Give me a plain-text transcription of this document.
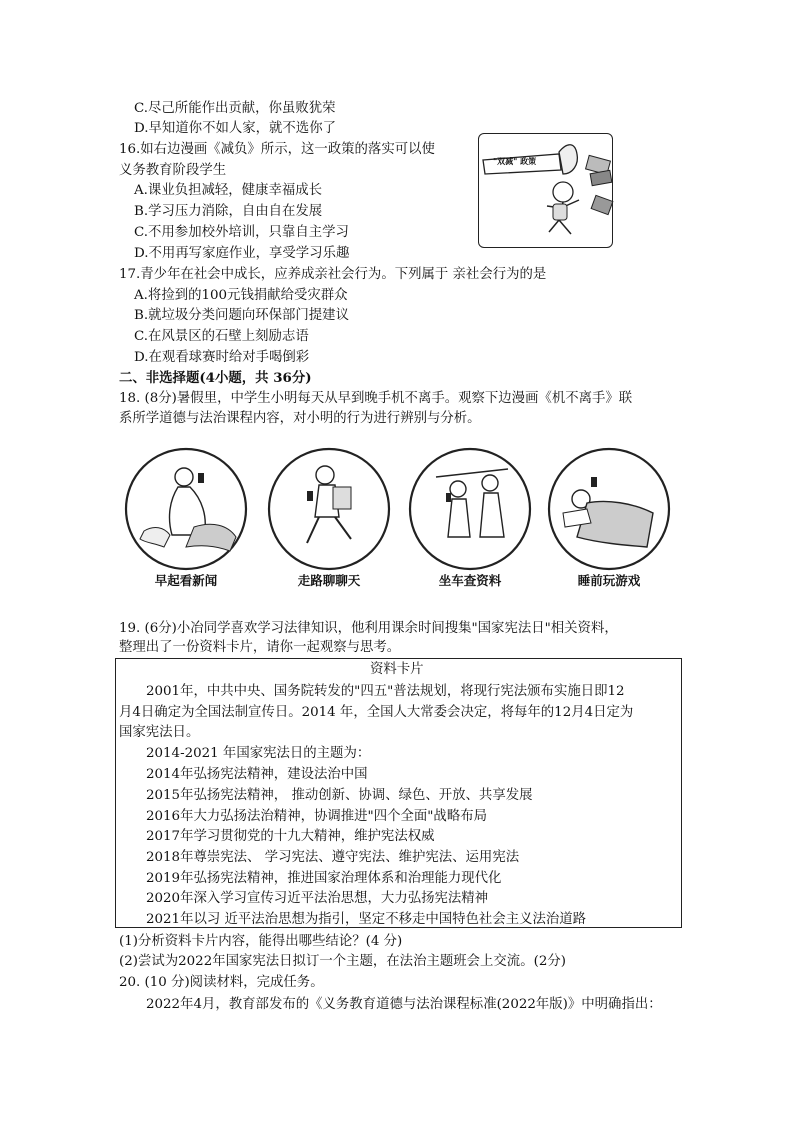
C.尽己所能作出贡献，你虽败犹荣
D.早知道你不如人家，就不选你了
16.如右边漫画《减负》所示，这一政策的落实可以使
义务教育阶段学生
A.课业负担减轻，健康幸福成长
B.学习压力消除，自由自在发展
C.不用参加校外培训，只靠自主学习
D.不用再写家庭作业，享受学习乐趣
"双减" 政策
17.青少年在社会中成长，应养成亲社会行为。下列属于 亲社会行为的是
A.将捡到的100元钱捐献给受灾群众
B.就垃圾分类问题向环保部门提建议
C.在风景区的石壁上刻励志语
D.在观看球赛时给对手喝倒彩
二、非选择题(4小题，共 36分)
18. (8分)暑假里，中学生小明每天从早到晚手机不离手。观察下边漫画《机不离手》联
系所学道德与法治课程内容，对小明的行为进行辨别与分析。
早起看新闻	走路聊聊天	坐车查资料	睡前玩游戏
19. (6分)小冶同学喜欢学习法律知识，他利用课余时间搜集"国家宪法日"相关资料，
整理出了一份资料卡片，请你一起观察与思考。
资料卡片
2001年，中共中央、国务院转发的"四五"普法规划，将现行宪法颁布实施日即12
月4日确定为全国法制宣传日。2014 年，全国人大常委会决定，将每年的12月4日定为
国家宪法日。
2014-2021 年国家宪法日的主题为：
2014年弘扬宪法精神，建设法治中国
2015年弘扬宪法精神， 推动创新、协调、绿色、开放、共享发展
2016年大力弘扬法治精神，协调推进"四个全面"战略布局
2017年学习贯彻党的十九大精神，维护宪法权威
2018年尊崇宪法、 学习宪法、遵守宪法、维护宪法、运用宪法
2019年弘扬宪法精神，推进国家治理体系和治理能力现代化
2020年深入学习宣传习近平法治思想，大力弘扬宪法精神
2021年以习 近平法治思想为指引，坚定不移走中国特色社会主义法治道路
(1)分析资料卡片内容，能得出哪些结论？(4 分)
(2)尝试为2022年国家宪法日拟订一个主题，在法治主题班会上交流。(2分)
20. (10 分)阅读材料，完成任务。
2022年4月，教育部发布的《义务教育道德与法治课程标准(2022年版)》中明确指出：
